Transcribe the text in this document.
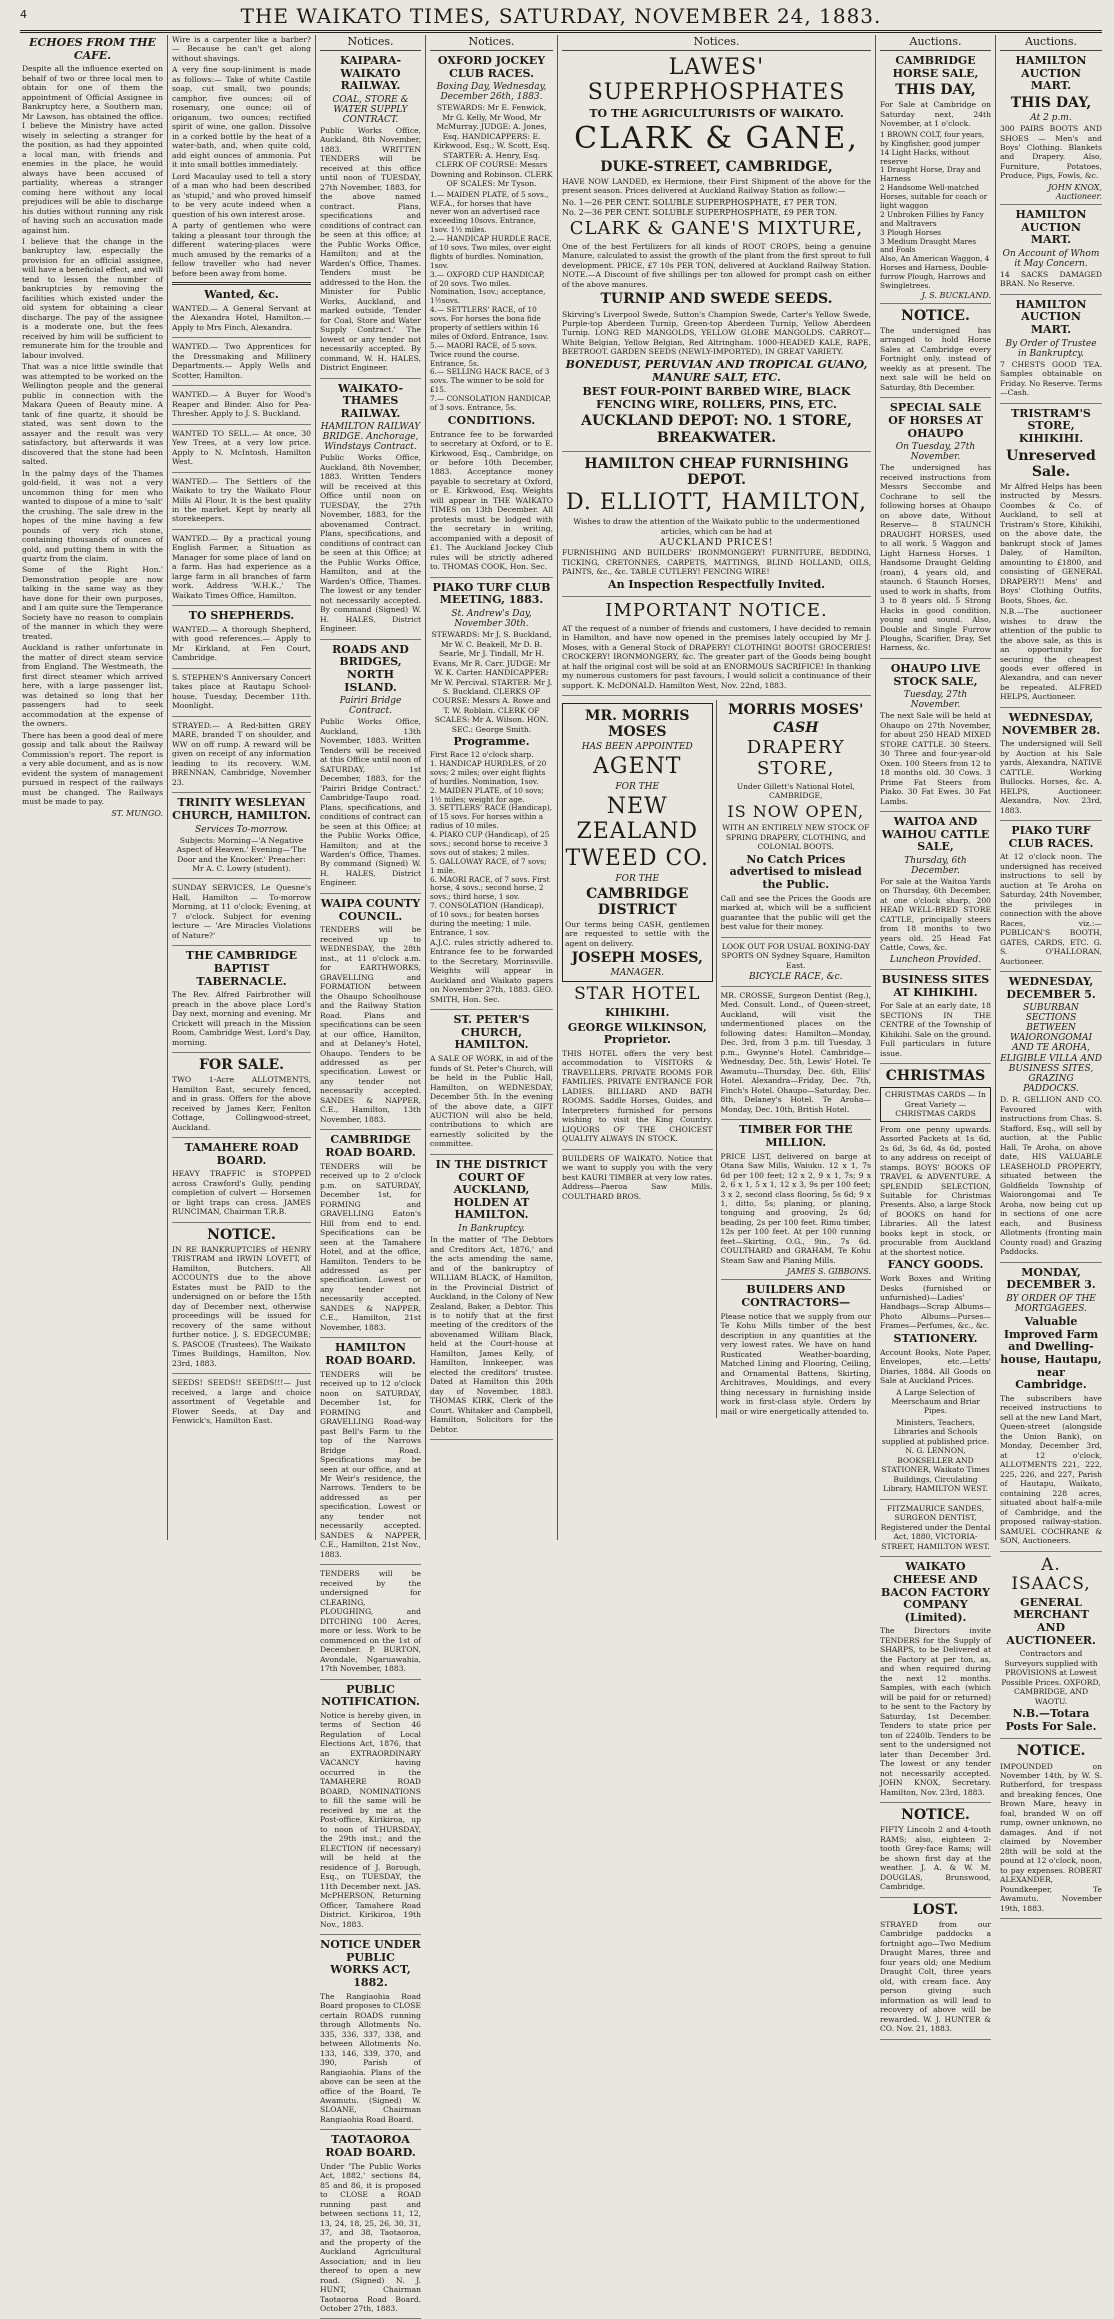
4	THE WAIKATO TIMES, SATURDAY, NOVEMBER 24, 1883.
ECHOES FROM THE CAFE.

Despite all the influence exerted on behalf of two or three local men to obtain for one of them the appointment of Official Assignee in Bankruptcy here, a Southern man, Mr Lawson, has obtained the office. I believe the Ministry have acted wisely in selecting a stranger for the position, as had they appointed a local man, with friends and enemies in the place, he would always have been accused of partiality, whereas a stranger coming here without any local prejudices will be able to discharge his duties without running any risk of having such an accusation made against him.

I believe that the change in the bankruptcy law, especially the provision for an official assignee, will have a beneficial effect, and will tend to lessen the number of bankruptcies by removing the facilities which existed under the old system for obtaining a clear discharge. The pay of the assignee is a moderate one, but the fees received by him will be sufficient to remunerate him for the trouble and labour involved.

That was a nice little swindle that was attempted to be worked on the Wellington people and the general public in connection with the Makara Queen of Beauty mine. A tank of fine quartz, it should be stated, was sent down to the assayer and the result was very satisfactory, but afterwards it was discovered that the stone had been salted.

In the palmy days of the Thames gold-field, it was not a very uncommon thing for men who wanted to dispose of a mine to 'salt' the crushing. The sale drew in the hopes of the mine having a few pounds of very rich stone, containing thousands of ounces of gold, and putting them in with the quartz from the claim.

Some of the Right Hon.' Demonstration people are now talking in the same way as they have done for their own purposes, and I am quite sure the Temperance Society have no reason to complain of the manner in which they were treated.

Auckland is rather unfortunate in the matter of direct steam service from England. The Westmeath, the first direct steamer which arrived here, with a large passenger list, was detained so long that her passengers had to seek accommodation at the expense of the owners.

There has been a good deal of mere gossip and talk about the Railway Commission's report. The report is a very able document, and as is now evident the system of management pursued in respect of the railways must be changed. The Railways must be made to pay.

ST. MUNGO.

Wire is a carpenter like a barber? — Because he can't get along without shavings.

A very fine soup-liniment is made as follows:— Take of white Castile soap, cut small, two pounds; camphor, five ounces; oil of rosemary, one ounce; oil of origanum, two ounces; rectified spirit of wine, one gallon. Dissolve in a corked bottle by the heat of a water-bath, and, when quite cold, add eight ounces of ammonia. Put it into small bottles immediately.

Lord Macaulay used to tell a story of a man who had been described as 'stupid,' and who proved himself to be very acute indeed when a question of his own interest arose.

A party of gentlemen who were taking a pleasant tour through the different watering-places were much amused by the remarks of a fellow traveller who had never before been away from home.

Wanted, &c.

WANTED.— A General Servant at the Alexandra Hotel, Hamilton.— Apply to Mrs Finch, Alexandra.

WANTED.— Two Apprentices for the Dressmaking and Millinery Departments.— Apply Wells and Scotter, Hamilton.

WANTED.— A Buyer for Wood's Reaper and Binder. Also for Pea-Thresher. Apply to J. S. Buckland.

WANTED TO SELL.— At once, 30 Yew Trees, at a very low price. Apply to N. McIntosh, Hamilton West.

WANTED.— The Settlers of the Waikato to try the Waikato Flour Mills Al Flour. It is the best quality in the market. Kept by nearly all storekeepers.

WANTED.— By a practical young English Farmer, a Situation as Manager for some place of land on a farm. Has had experience as a large farm in all branches of farm work. Address 'W.H.K.,' The Waikato Times Office, Hamilton.

TO SHEPHERDS.

WANTED.— A thorough Shepherd, with good references.— Apply to Mr Kirkland, at Fen Court, Cambridge.

S. STEPHEN'S Anniversary Concert takes place at Rautapu School-house, Tuesday, December 11th. Moonlight.

STRAYED.— A Red-bitten GREY MARE, branded T on shoulder, and WW on off rump. A reward will be given on receipt of any information leading to its recovery. W.M. BRENNAN, Cambridge, November 23.

TRINITY WESLEYAN CHURCH, HAMILTON.
Services To-morrow.

Subjects: Morning—'A Negative Aspect of Heaven.' Evening—'The Door and the Knocker.' Preacher: Mr A. C. Lowry (student).

SUNDAY SERVICES, Le Quesne's Hall, Hamilton — To-morrow Morning, at 11 o'clock; Evening, at 7 o'clock. Subject for evening lecture — 'Are Miracles Violations of Nature?'

THE CAMBRIDGE BAPTIST TABERNACLE.

The Rev. Alfred Fairbrother will preach in the above place Lord's Day next, morning and evening. Mr Crickett will preach in the Mission Room, Cambridge West, Lord's Day, morning.

FOR SALE.

TWO 1-Acre ALLOTMENTS, Hamilton East, securely fenced, and in grass. Offers for the above received by James Kerr, Fenlton Cottage, Collingwood-street, Auckland.

TAMAHERE ROAD BOARD.

HEAVY TRAFFIC is STOPPED across Crawford's Gully, pending completion of culvert — Horsemen or light traps can cross. JAMES RUNCIMAN, Chairman T.R.B.

NOTICE.

IN RE BANKRUPTCIES of HENRY TRISTRAM and IRWIN LOVETT, of Hamilton, Butchers. All ACCOUNTS due to the above Estates must be PAID to the undersigned on or before the 15th day of December next, otherwise proceedings will be issued for recovery of the same without further notice. J. S. EDGECUMBE; S. PASCOE (Trustees). The Waikato Times Buildings, Hamilton, Nov. 23rd, 1883.

SEEDS! SEEDS!! SEEDS!!!— Just received, a large and choice assortment of Vegetable and Flower Seeds, at Day and Fenwick's, Hamilton East.

Notices.
KAIPARA-WAIKATO RAILWAY.
COAL, STORE & WATER SUPPLY CONTRACT.

Public Works Office, Auckland, 8th November, 1883. WRITTEN TENDERS will be received at this office until noon of TUESDAY, 27th November, 1883, for the above named contract. Plans, specifications and conditions of contract can be seen at this office; at the Public Works Office, Hamilton; and at the Warden's Office, Thames. Tenders must be addressed to the Hon. the Minister for Public Works, Auckland, and marked outside, 'Tender for Coal, Store and Water Supply Contract.' The lowest or any tender not necessarily accepted. By command, W. H. HALES, District Engineer.

WAIKATO-THAMES RAILWAY.
HAMILTON RAILWAY BRIDGE. Anchorage, Windstays Contract.

Public Works Office, Auckland, 8th November, 1883. Written Tenders will be received at this Office until noon on TUESDAY, the 27th November, 1883, for the abovenamed Contract. Plans, specifications, and conditions of contract can be seen at this Office; at the Public Works Office, Hamilton, and at the Warden's Office, Thames. The lowest or any tender not necessarily accepted. By command (Signed) W. H. HALES, District Engineer.

ROADS AND BRIDGES, NORTH ISLAND.
Pairiri Bridge Contract.

Public Works Office, Auckland, 13th November, 1883. Written Tenders will be received at this Office until noon of SATURDAY, 1st December, 1883, for the 'Pairiri Bridge Contract.' Cambridge-Taupo road. Plans, specifications, and conditions of contract can be seen at this Office; at the Public Works Office, Hamilton; and at the Warden's Office, Thames. By command (Signed) W. H. HALES, District Engineer.

WAIPA COUNTY COUNCIL.

TENDERS will be received up to WEDNESDAY, the 28th inst., at 11 o'clock a.m. for EARTHWORKS, GRAVELLING and FORMATION between the Ohaupo Schoolhouse and the Railway Station Road. Plans and specifications can be seen at our office, Hamilton, and at Delaney's Hotel, Ohaupo. Tenders to be addressed as per specification. Lowest or any tender not necessarily accepted. SANDES & NAPPER, C.E., Hamilton, 13th November, 1883.

CAMBRIDGE ROAD BOARD.

TENDERS will be received up to 2 o'clock p.m. on SATURDAY, December 1st, for FORMING and GRAVELLING Eaton's Hill from end to end. Specifications can be seen at the Tamahere Hotel, and at the office, Hamilton. Tenders to be addressed as per specification. Lowest or any tender not necessarily accepted. SANDES & NAPPER, C.E., Hamilton, 21st November, 1883.

HAMILTON ROAD BOARD.

TENDERS will be received up to 12 o'clock noon on SATURDAY, December 1st, for FORMING and GRAVELLING Road-way past Bell's Farm to the top of the Narrows Bridge Road. Specifications may be seen at our office, and at Mr Weir's residence, the Narrows. Tenders to be addressed as per specification. Lowest or any tender not necessarily accepted. SANDES & NAPPER, C.E., Hamilton, 21st Nov., 1883.

TENDERS will be received by the undersigned for CLEARING, PLOUGHING, and DITCHING 100 Acres, more or less. Work to be commenced on the 1st of December. P. BURTON, Avondale, Ngaruawahia, 17th November, 1883.

PUBLIC NOTIFICATION.

Notice is hereby given, in terms of Section 46 Regulation of Local Elections Act, 1876, that an EXTRAORDINARY VACANCY having occurred in the TAMAHERE ROAD BOARD, NOMINATIONS to fill the same will be received by me at the Post-office, Kirikiroa, up to noon of THURSDAY, the 29th inst.; and the ELECTION (if necessary) will be held at the residence of J. Borough, Esq., on TUESDAY, the 11th December next. JAS. McPHERSON, Returning Officer, Tamahere Road District. Kirikiroa, 19th Nov., 1883.

NOTICE UNDER PUBLIC WORKS ACT, 1882.

The Rangiaohia Road Board proposes to CLOSE certain ROADS running through Allotments No. 335, 336, 337, 338, and between Allotments No. 133, 146, 339, 370, and 390, Parish of Rangiaohia. Plans of the above can be seen at the office of the Board, Te Awamutu. (Signed) W. SLOANE, Chairman Rangiaohia Road Board.

TAOTAOROA ROAD BOARD.

Under 'The Public Works Act, 1882,' sections 84, 85 and 86, it is proposed to CLOSE a ROAD running past and between sections 11, 12, 13, 24, 18, 25, 26, 30, 31, 37, and 38, Taotaoroa, and the property of the Auckland Agricultural Association; and in lieu thereof to open a new road. (Signed) N. J. HUNT, Chairman Taotaoroa Road Board. October 27th, 1883.

Notices.
OXFORD JOCKEY CLUB RACES.
Boxing Day, Wednesday, December 26th, 1883.

STEWARDS: Mr E. Fenwick, Mr G. Kelly, Mr Wood, Mr McMurray. JUDGE: A. Jones, Esq. HANDICAPPERS: E. Kirkwood, Esq.; W. Scott, Esq. STARTER: A. Henry, Esq. CLERK OF COURSE: Messrs Downing and Robinson. CLERK OF SCALES: Mr Tyson.

1.— MAIDEN PLATE, of 5 sovs., W.F.A., for horses that have never won an advertised race exceeding 10sovs. Entrance, 1sov. 1½ miles.
2.— HANDICAP HURDLE RACE, of 10 sovs. Two miles, over eight flights of hurdles. Nomination, 1sov.
3.— OXFORD CUP HANDICAP, of 20 sovs. Two miles. Nomination, 1sov.; acceptance, 1½sovs.
4.— SETTLERS' RACE, of 10 sovs. For horses the bona fide property of settlers within 16 miles of Oxford. Entrance, 1sov.
5.— MAORI RACE, of 5 sovs. Twice round the course. Entrance, 5s.
6.— SELLING HACK RACE, of 3 sovs. The winner to be sold for £15.
7.— CONSOLATION HANDICAP, of 3 sovs. Entrance, 5s.

CONDITIONS.

Entrance fee to be forwarded to secretary at Oxford, or to E. Kirkwood, Esq., Cambridge, on or before 10th December, 1883. Acceptance money payable to secretary at Oxford, or E. Kirkwood, Esq. Weights will appear in THE WAIKATO TIMES on 13th December. All protests must be lodged with the secretary in writing, accompanied with a deposit of £1. The Auckland Jockey Club rules will be strictly adhered to. THOMAS COOK, Hon. Sec.

PIAKO TURF CLUB MEETING, 1883.
St. Andrew's Day, November 30th.

STEWARDS: Mr J. S. Buckland, Mr W. C. Beakell, Mr D. B. Searle, Mr J. Tindall, Mr H. Evans, Mr R. Carr. JUDGE: Mr W. K. Carter. HANDICAPPER: Mr W. Percival. STARTER: Mr J. S. Buckland. CLERKS OF COURSE: Messrs A. Rowe and T. W. Roblain. CLERK OF SCALES: Mr A. Wilson. HON. SEC.: George Smith.

Programme.

First Race 12 o'clock sharp.
1. HANDICAP HURDLES, of 20 sovs; 2 miles; over eight flights of hurdles. Nomination, 1sov.
2. MAIDEN PLATE, of 10 sovs; 1½ miles; weight for age.
3. SETTLERS' RACE (Handicap), of 15 sovs. For horses within a radius of 10 miles.
4. PIAKO CUP (Handicap), of 25 sovs.; second horse to receive 3 sovs out of stakes; 2 miles.
5. GALLOWAY RACE, of 7 sovs; 1 mile.
6. MAORI RACE, of 7 sovs. First horse, 4 sovs.; second horse, 2 sovs.; third horse, 1 sov.
7. CONSOLATION (Handicap), of 10 sovs.; for beaten horses during the meeting; 1 mile. Entrance, 1 sov.

A.J.C. rules strictly adhered to. Entrance fee to be forwarded to the Secretary, Morrinsville. Weights will appear in Auckland and Waikato papers on November 27th, 1883. GEO. SMITH, Hon. Sec.

ST. PETER'S CHURCH, HAMILTON.

A SALE OF WORK, in aid of the funds of St. Peter's Church, will be held in the Public Hall, Hamilton, on WEDNESDAY, December 5th. In the evening of the above date, a GIFT AUCTION will also be held, contributions to which are earnestly solicited by the committee.

IN THE DISTRICT COURT OF AUCKLAND, HOLDEN AT HAMILTON.
In Bankruptcy.

In the matter of 'The Debtors and Creditors Act, 1876,' and the acts amending the same, and of the bankruptcy of WILLIAM BLACK, of Hamilton, in the Provincial District of Auckland, in the Colony of New Zealand, Baker, a Debtor. This is to notify that at the first meeting of the creditors of the abovenamed William Black, held at the Court-house at Hamilton, James Kelly, of Hamilton, Innkeeper, was elected the creditors' trustee. Dated at Hamilton this 20th day of November, 1883. THOMAS KIRK, Clerk of the Court. Whitaker and Campbell, Hamilton, Solicitors for the Debtor.

Notices.
LAWES' SUPERPHOSPHATES
TO THE AGRICULTURISTS OF WAIKATO.
CLARK & GANE,
DUKE-STREET, CAMBRIDGE,

HAVE NOW LANDED, ex Hermione, their First Shipment of the above for the present season. Prices delivered at Auckland Railway Station as follow:—

No. 1—26 PER CENT. SOLUBLE SUPERPHOSPHATE, £7 PER TON.
No. 2—36 PER CENT. SOLUBLE SUPERPHOSPHATE, £9 PER TON.

CLARK & GANE'S MIXTURE,

One of the best Fertilizers for all kinds of ROOT CROPS, being a genuine Manure, calculated to assist the growth of the plant from the first sprout to full development. PRICE, £7 10s PER TON, delivered at Auckland Railway Station. NOTE.—A Discount of five shillings per ton allowed for prompt cash on either of the above manures.

TURNIP AND SWEDE SEEDS.

Skirving's Liverpool Swede, Sutton's Champion Swede, Carter's Yellow Swede, Purple-top Aberdeen Turnip, Green-top Aberdeen Turnip, Yellow Aberdeen Turnip. LONG RED MANGOLDS, YELLOW GLOBE MANGOLDS. CARROT—White Belgian, Yellow Belgian, Red Altringham. 1000-HEADED KALE, RAPE, BEETROOT. GARDEN SEEDS (NEWLY-IMPORTED), IN GREAT VARIETY.

BONEDUST, PERUVIAN AND TROPICAL GUANO, MANURE SALT, ETC.
BEST FOUR-POINT BARBED WIRE, BLACK FENCING WIRE, ROLLERS, PINS, ETC.
AUCKLAND DEPOT: NO. 1 STORE, BREAKWATER.
HAMILTON CHEAP FURNISHING DEPOT.
D. ELLIOTT, HAMILTON,

Wishes to draw the attention of the Waikato public to the undermentioned articles, which can be had at

AUCKLAND PRICES!

FURNISHING AND BUILDERS' IRONMONGERY! FURNITURE, BEDDING, TICKING, CRETONNES, CARPETS, MATTINGS, BLIND HOLLAND, OILS, PAINTS, &c., &c. TABLE CUTLERY! FENCING WIRE!

An Inspection Respectfully Invited.
IMPORTANT NOTICE.

AT the request of a number of friends and customers, I have decided to remain in Hamilton, and have now opened in the premises lately occupied by Mr J. Moses, with a General Stock of DRAPERY! CLOTHING! BOOTS! GROCERIES! CROCKERY! IRONMONGERY, &c. The greater part of the Goods being bought at half the original cost will be sold at an ENORMOUS SACRIFICE! In thanking my numerous customers for past favours, I would solicit a continuance of their support. K. McDONALD. Hamilton West, Nov. 22nd, 1883.

MR. MORRIS MOSES
HAS BEEN APPOINTED
AGENT
FOR THE
NEW ZEALAND
TWEED CO.
FOR THE
CAMBRIDGE DISTRICT

Our terms being CASH, gentlemen are requested to settle with the agent on delivery.

JOSEPH MOSES,
MANAGER.
STAR HOTEL
KIHIKIHI.
GEORGE WILKINSON, Proprietor.

THIS HOTEL offers the very best accommodation to VISITORS & TRAVELLERS. PRIVATE ROOMS FOR FAMILIES. PRIVATE ENTRANCE FOR LADIES. BILLIARD AND BATH ROOMS. Saddle Horses, Guides, and Interpreters furnished for persons wishing to visit the King Country. LIQUORS OF THE CHOICEST QUALITY ALWAYS IN STOCK.

BUILDERS OF WAIKATO. Notice that we want to supply you with the very best KAURI TIMBER at very low rates. Address—Paeroa Saw Mills. COULTHARD BROS.

MORRIS MOSES'
CASH
DRAPERY STORE,

Under Gillett's National Hotel, CAMBRIDGE,

IS NOW OPEN,

WITH AN ENTIRELY NEW STOCK OF SPRING DRAPERY, CLOTHING, and COLONIAL BOOTS.

No Catch Prices advertised to mislead the Public.

Call and see the Prices the Goods are marked at, which will be a sufficient guarantee that the public will get the best value for their money.

LOOK OUT FOR USUAL BOXING-DAY SPORTS ON Sydney Square, Hamilton East.

BICYCLE RACE, &c.

MR. CROSSE, Surgeon Dentist (Reg.), Med. Consult. Lond., of Queen-street, Auckland, will visit the undermentioned places on the following dates: Hamilton—Monday, Dec. 3rd, from 3 p.m. till Tuesday, 3 p.m., Gwynne's Hotel. Cambridge—Wednesday, Dec. 5th, Lewis' Hotel. Te Awamutu—Thursday, Dec. 6th, Ellis' Hotel. Alexandra—Friday, Dec. 7th, Finch's Hotel. Ohaupo—Saturday, Dec. 8th, Delaney's Hotel. Te Aroha—Monday, Dec. 10th, British Hotel.

TIMBER FOR THE MILLION.

PRICE LIST, delivered on barge at Otana Saw Mills, Waiuku. 12 x 1, 7s 6d per 100 feet; 12 x 2, 9 x 1, 7s; 9 x 2, 6 x 1, 5 x 1, 12 x 3, 9s per 100 feet; 3 x 2, second class flooring, 5s 6d; 9 x 1, ditto, 5s; planing, or planing, tonguing and grooving, 2s 6d; beading, 2s per 100 feet. Rimu timber, 12s per 100 feet. At per 100 running feet—Skirting, O.G., 9in., 7s 6d. COULTHARD and GRAHAM, Te Kohu Steam Saw and Planing Mills.

JAMES S. GIBBONS.
BUILDERS AND CONTRACTORS—

Please notice that we supply from our Te Kohu Mills timber of the best description in any quantities at the very lowest rates. We have on hand Rusticated Weather-boarding, Matched Lining and Flooring, Ceiling, and Ornamental Battens, Skirting, Architraves, Mouldings, and every thing necessary in furnishing inside work in first-class style. Orders by mail or wire energetically attended to.

Auctions.
CAMBRIDGE HORSE SALE,
THIS DAY,

For Sale at Cambridge on Saturday next, 24th November, at 1 o'clock.

1 BROWN COLT, four years, by Kingfisher, good jumper
14 Light Hacks, without reserve
1 Draught Horse, Dray and Harness
2 Handsome Well-matched Horses, suitable for coach or light waggon
2 Unbroken Fillies by Fancy and Maltravers
3 Plough Horses
3 Medium Draught Mares and Foals
Also, An American Waggon, 4 Horses and Harness, Double-furrow Plough, Harrows and Swingletrees.

J. S. BUCKLAND.
NOTICE.

The undersigned has arranged to hold Horse Sales at Cambridge every Fortnight only, instead of weekly as at present. The next sale will be held on Saturday, 8th December.

SPECIAL SALE OF HORSES AT OHAUPO
On Tuesday, 27th November.

The undersigned has received instructions from Messrs Seccombe and Cochrane to sell the following horses at Ohaupo on above date, Without Reserve— 8 STAUNCH DRAUGHT HORSES, used to all work. 5 Waggon and Light Harness Horses. 1 Handsome Draught Gelding (roan), 4 years old, and staunch. 6 Staunch Horses, used to work in shafts, from 3 to 8 years old. 5 Strong Hacks in good condition, young and sound. Also, Double and Single Furrow Ploughs, Scarifier, Dray, Set Harness, &c.

OHAUPO LIVE STOCK SALE,
Tuesday, 27th November.

The next Sale will be held at Ohaupo on 27th November, for about 250 HEAD MIXED STORE CATTLE. 30 Steers. 30 Three and four-year-old Oxen. 100 Steers from 12 to 18 months old. 30 Cows. 3 Prime Fat Steers from Piako. 30 Fat Ewes. 30 Fat Lambs.

WAITOA AND WAIHOU CATTLE SALE,
Thursday, 6th December.

For sale at the Waitoa Yards on Thursday, 6th December, at one o'clock sharp, 200 HEAD WELL-BRED STORE CATTLE, principally steers from 18 months to two years old. 25 Head Fat Cattle, Cows, &c.

Luncheon Provided.
BUSINESS SITES AT KIHIKIHI.

For Sale at an early date, 18 SECTIONS IN THE CENTRE of the Township of Kihikihi. Sale on the ground. Full particulars in future issue.

CHRISTMAS
CHRISTMAS CARDS — In Great Variety — CHRISTMAS CARDS

From one penny upwards. Assorted Packets at 1s 6d, 2s 6d, 3s 6d, 4s 6d, posted to any address on receipt of stamps. BOYS' BOOKS OF TRAVEL & ADVENTURE. A SPLENDID SELECTION, Suitable for Christmas Presents. Also, a large Stock of BOOKS on hand for Libraries. All the latest books kept in stock, or procurable from Auckland at the shortest notice.

FANCY GOODS.

Work Boxes and Writing Desks (furnished or unfurnished)—Ladies' Handbags—Scrap Albums—Photo Albums—Purses—Frames—Perfumes, &c., &c.

STATIONERY.

Account Books, Note Paper, Envelopes, etc.—Letts' Diaries, 1884. All Goods on Sale at Auckland Prices.

A Large Selection of Meerschaum and Briar Pipes.

Ministers, Teachers, Libraries and Schools supplied at published price. N. G. LENNON, BOOKSELLER AND STATIONER, Waikato Times Buildings, Circulating Library, HAMILTON WEST.

FITZMAURICE SANDES, SURGEON DENTIST, Registered under the Dental Act, 1880, VICTORIA-STREET, HAMILTON WEST.

WAIKATO CHEESE AND BACON FACTORY COMPANY (Limited).

The Directors invite TENDERS for the Supply of SHARPS, to be Delivered at the Factory at per ton, as, and when required during the next 12 months. Samples, with each (which will be paid for or returned) to be sent to the Factory by Saturday, 1st December. Tenders to state price per ton of 2240lb. Tenders to be sent to the undersigned not later than December 3rd. The lowest or any tender not necessarily accepted. JOHN KNOX, Secretary. Hamilton, Nov. 23rd, 1883.

NOTICE.

FIFTY Lincoln 2 and 4-tooth RAMS; also, eighteen 2-tooth Grey-face Rams; will be shown first day at the weather. J. A. & W. M. DOUGLAS, Brunswood, Cambridge.

LOST.

STRAYED from our Cambridge paddocks a fortnight ago—Two Medium Draught Mares, three and four years old; one Medium Draught Colt, three years old, with cream face. Any person giving such information as will lead to recovery of above will be rewarded. W. J. HUNTER & CO. Nov. 21, 1883.

Auctions.
HAMILTON AUCTION MART.
THIS DAY,
At 2 p.m.

300 PAIRS BOOTS AND SHOES — Men's and Boys' Clothing. Blankets and Drapery. Also, Furniture, Potatoes, Produce, Pigs, Fowls, &c.

JOHN KNOX, Auctioneer.
HAMILTON AUCTION MART.
On Account of Whom it May Concern.

14 SACKS DAMAGED BRAN. No Reserve.

HAMILTON AUCTION MART.
By Order of Trustee in Bankruptcy.

7 CHESTS GOOD TEA. Samples obtainable on Friday. No Reserve. Terms—Cash.

TRISTRAM'S STORE, KIHIKIHI.
Unreserved Sale.

Mr Alfred Helps has been instructed by Messrs. Coombes & Co. of Auckland, to sell at Tristram's Store, Kihikihi, on the above date, the bankrupt stock of James Daley, of Hamilton, amounting to £1800, and consisting of GENERAL DRAPERY!! Mens' and Boys' Clothing Outfits, Boots, Shoes, &c.

N.B.—The auctioneer wishes to draw the attention of the public to the above sale, as this is an opportunity for securing the cheapest goods ever offered in Alexandra, and can never be repeated. ALFRED HELPS, Auctioneer.

WEDNESDAY, NOVEMBER 28.

The undersigned will Sell by Auction at his Sale yards, Alexandra, NATIVE CATTLE. Working Bullocks. Horses, &c. A. HELPS, Auctioneer. Alexandra, Nov. 23rd, 1883.

PIAKO TURF CLUB RACES.

At 12 o'clock noon. The undersigned has received instructions to sell by auction at Te Aroha on Saturday, 24th November, the privileges in connection with the above Races, viz.:— PUBLICAN'S BOOTH, GATES, CARDS, ETC. G. S. O'HALLORAN, Auctioneer.

WEDNESDAY, DECEMBER 5.
SUBURBAN SECTIONS BETWEEN WAIORONGOMAI AND TE AROHA,
ELIGIBLE VILLA AND BUSINESS SITES, GRAZING PADDOCKS.

D. R. GELLION AND CO. Favoured with instructions from Chas. S. Stafford, Esq., will sell by auction, at the Public Hall, Te Aroha, on above date, HIS VALUABLE LEASEHOLD PROPERTY, situated between the Goldfields Township of Waiorongomai and Te Aroha, now being cut up in sections of one acre each, and Business Allotments (fronting main County road) and Grazing Paddocks.

MONDAY, DECEMBER 3.
BY ORDER OF THE MORTGAGEES.
Valuable Improved Farm and Dwelling-house, Hautapu, near Cambridge.

The subscribers have received instructions to sell at the new Land Mart, Queen-street (alongside the Union Bank), on Monday, December 3rd, at 12 o'clock, ALLOTMENTS 221, 222, 225, 226, and 227, Parish of Hautapu, Waikato, containing 228 acres, situated about half-a-mile of Cambridge, and the proposed railway-station. SAMUEL COCHRANE & SON, Auctioneers.

A. ISAACS,
GENERAL MERCHANT AND AUCTIONEER.

Contractors and Surveyors supplied with PROVISIONS at Lowest Possible Prices. OXFORD, CAMBRIDGE, AND WAOTU.

N.B.—Totara Posts For Sale.
NOTICE.

IMPOUNDED on November 14th, by W. S. Rutherford, for trespass and breaking fences, One Brown Mare, heavy in foal, branded W on off rump, owner unknown, no damages. And if not claimed by November 28th will be sold at the pound at 12 o'clock, noon, to pay expenses. ROBERT ALEXANDER, Poundkeeper, Te Awamutu. November 19th, 1883.
